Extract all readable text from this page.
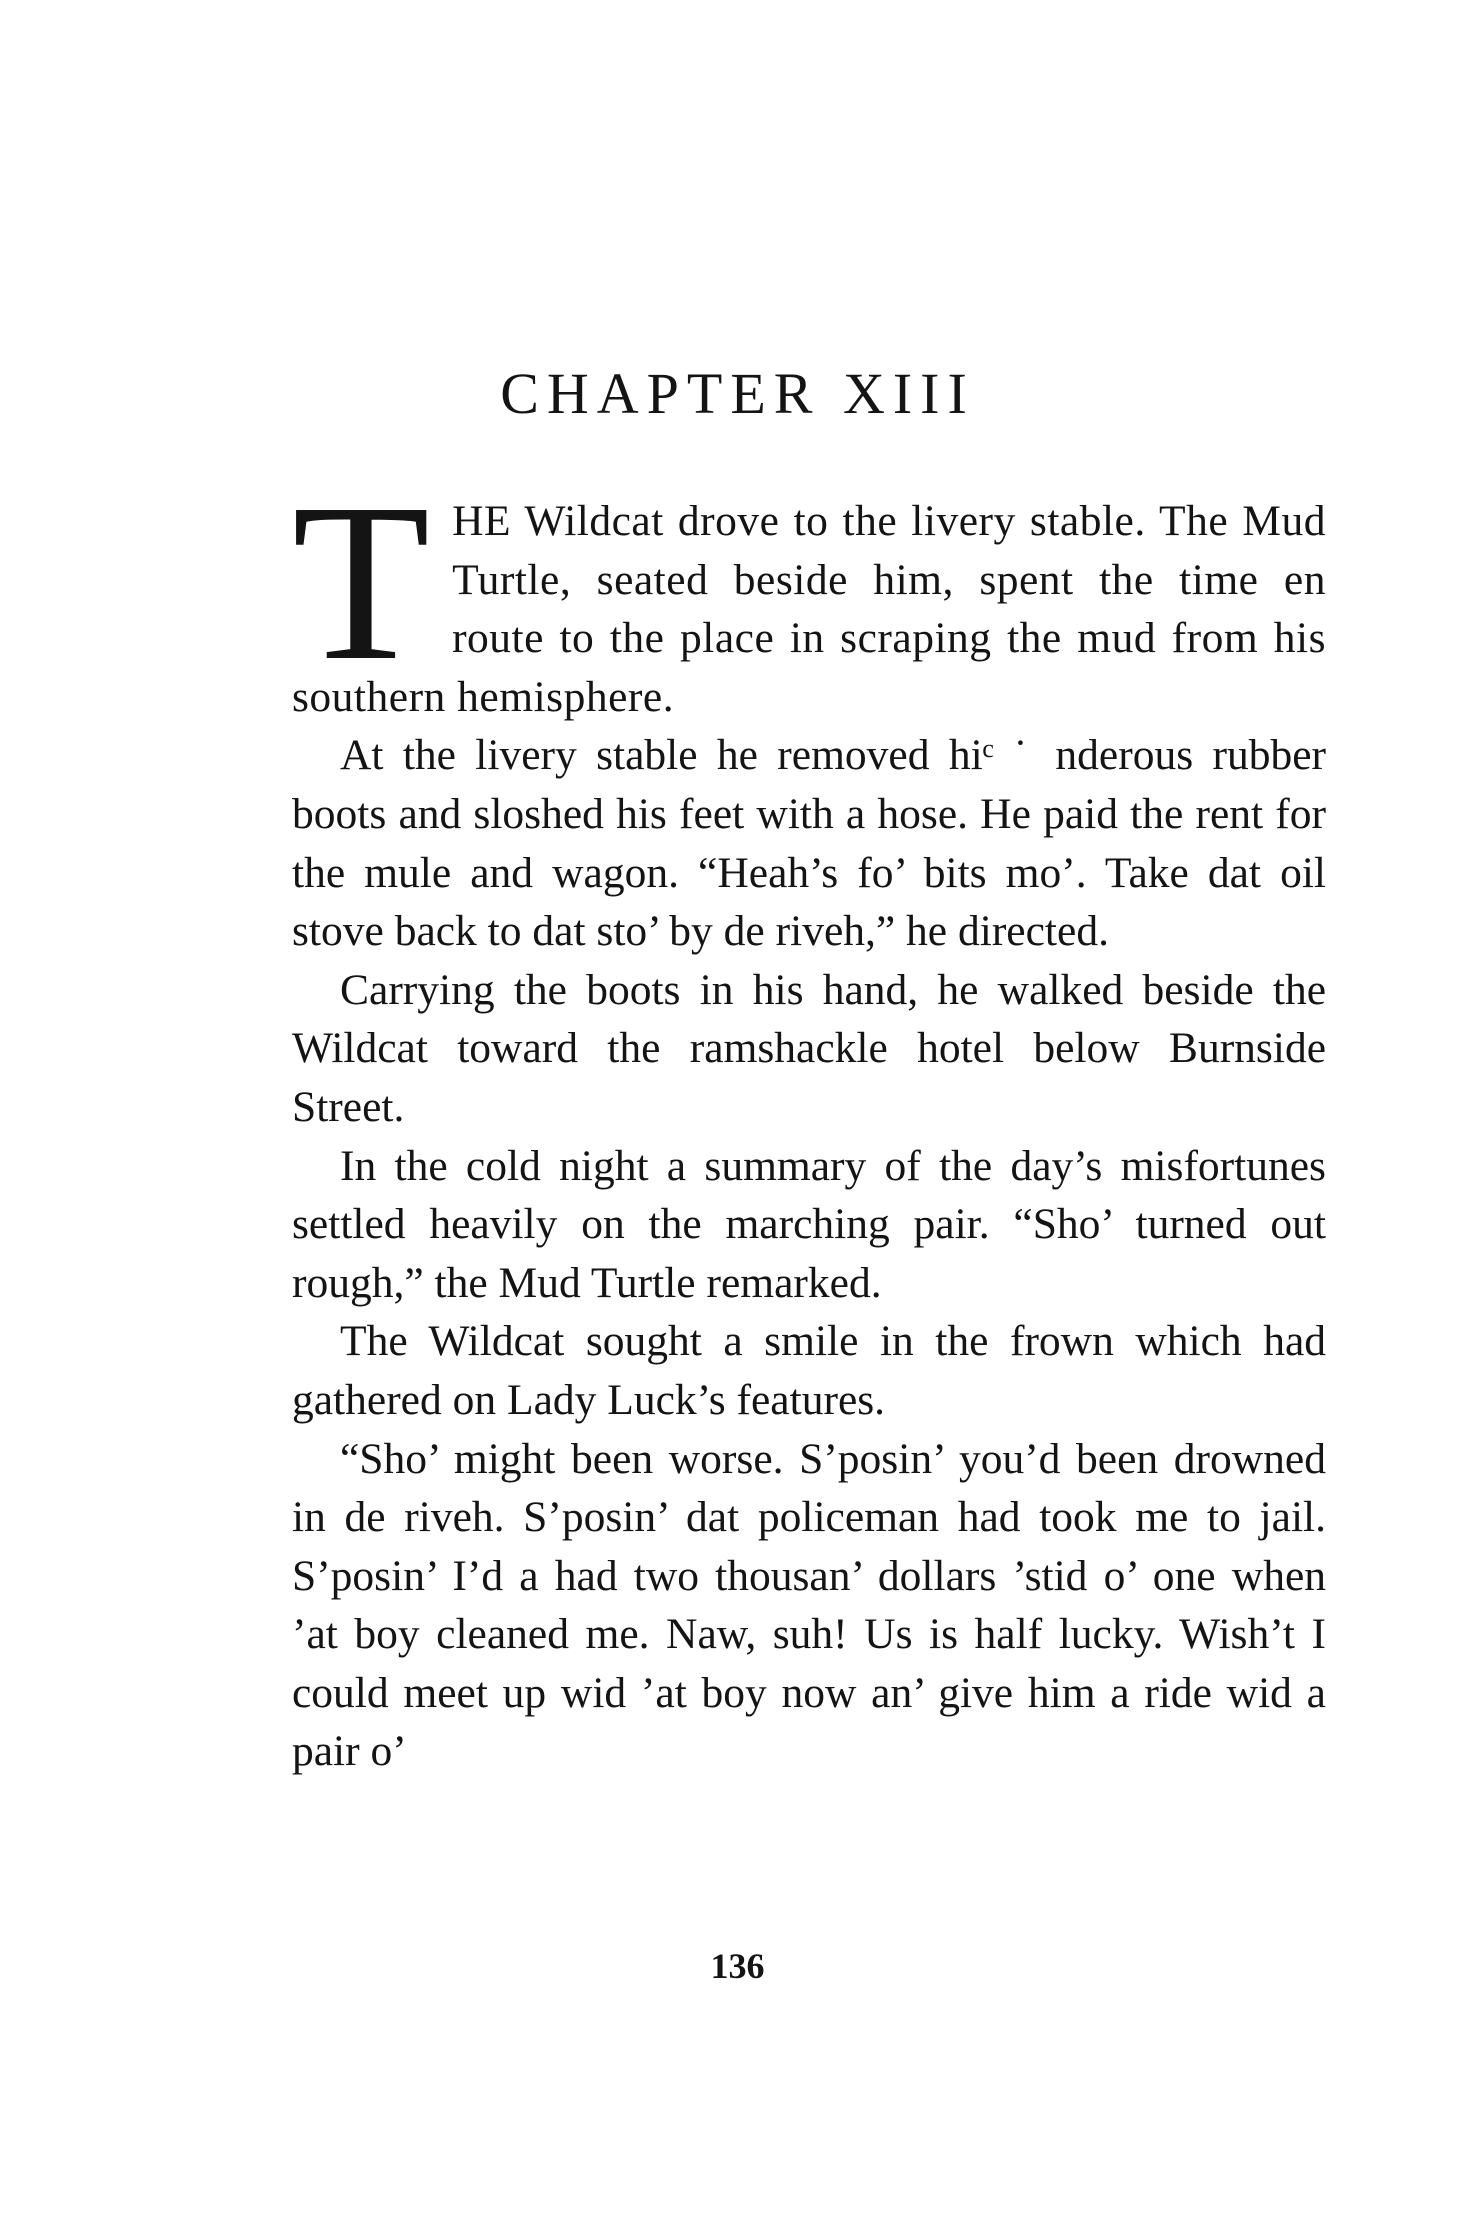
CHAPTER XIII

THE Wildcat drove to the livery stable. The Mud Turtle, seated beside him, spent the time en route to the place in scraping the mud from his southern hemisphere.

At the livery stable he removed hiᶜ ˙ nderous rubber boots and sloshed his feet with a hose. He paid the rent for the mule and wagon. “Heah’s fo’ bits mo’. Take dat oil stove back to dat sto’ by de riveh,” he directed.

Carrying the boots in his hand, he walked beside the Wildcat toward the ramshackle hotel below Burnside Street.

In the cold night a summary of the day’s misfortunes settled heavily on the marching pair. “Sho’ turned out rough,” the Mud Turtle remarked.

The Wildcat sought a smile in the frown which had gathered on Lady Luck’s features.

“Sho’ might been worse. S’posin’ you’d been drowned in de riveh. S’posin’ dat policeman had took me to jail. S’posin’ I’d a had two thousan’ dollars ’stid o’ one when ’at boy cleaned me. Naw, suh! Us is half lucky. Wish’t I could meet up wid ’at boy now an’ give him a ride wid a pair o’

136
